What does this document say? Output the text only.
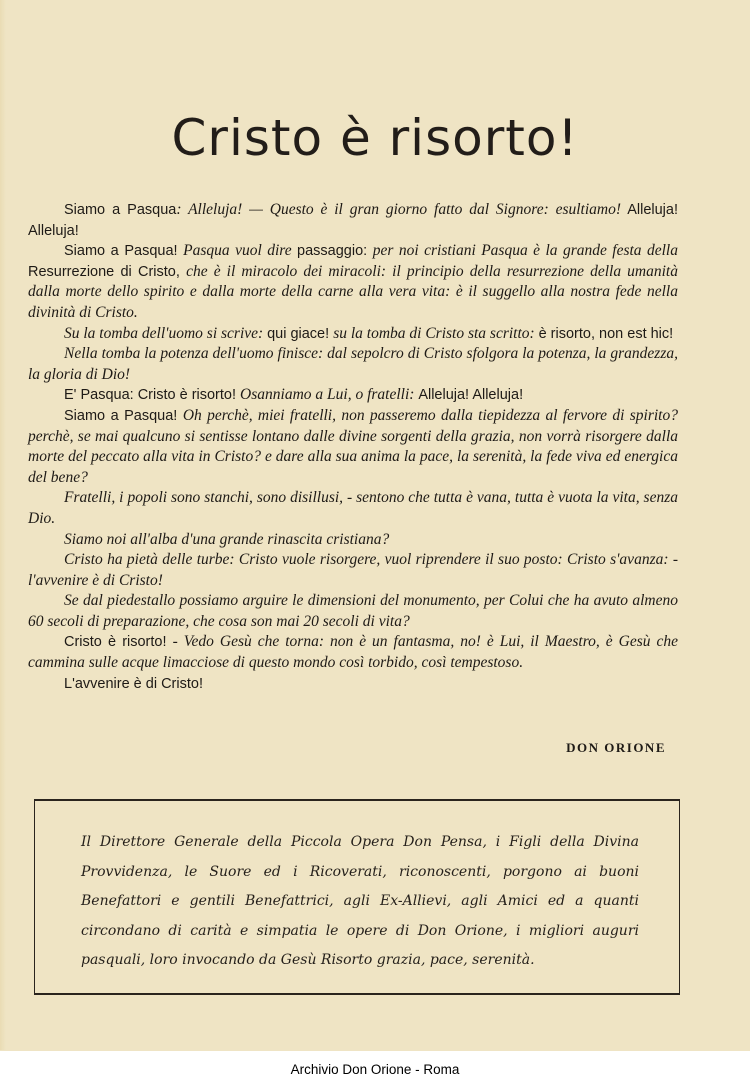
Cristo è risorto!

Siamo a Pasqua: Alleluja! — Questo è il gran giorno fatto dal Signore: esultiamo! Alleluja! Alleluja!

Siamo a Pasqua! Pasqua vuol dire passaggio: per noi cristiani Pasqua è la grande festa della Resurrezione di Cristo, che è il miracolo dei miracoli: il principio della resurrezione della umanità dalla morte dello spirito e dalla morte della carne alla vera vita: è il suggello alla nostra fede nella divinità di Cristo.

Su la tomba dell'uomo si scrive: qui giace! su la tomba di Cristo sta scritto: è risorto, non est hic!

Nella tomba la potenza dell'uomo finisce: dal sepolcro di Cristo sfolgora la potenza, la grandezza, la gloria di Dio!

E' Pasqua: Cristo è risorto! Osanniamo a Lui, o fratelli: Alleluja! Alleluja!

Siamo a Pasqua! Oh perchè, miei fratelli, non passeremo dalla tiepidezza al fervore di spirito? perchè, se mai qualcuno si sentisse lontano dalle divine sorgenti della grazia, non vorrà risorgere dalla morte del peccato alla vita in Cristo? e dare alla sua anima la pace, la serenità, la fede viva ed energica del bene?

Fratelli, i popoli sono stanchi, sono disillusi, - sentono che tutta è vana, tutta è vuota la vita, senza Dio.

Siamo noi all'alba d'una grande rinascita cristiana?

Cristo ha pietà delle turbe: Cristo vuole risorgere, vuol riprendere il suo posto: Cristo s'avanza: - l'avvenire è di Cristo!

Se dal piedestallo possiamo arguire le dimensioni del monumento, per Colui che ha avuto almeno 60 secoli di preparazione, che cosa son mai 20 secoli di vita?

Cristo è risorto! - Vedo Gesù che torna: non è un fantasma, no! è Lui, il Maestro, è Gesù che cammina sulle acque limacciose di questo mondo così torbido, così tempestoso.

L'avvenire è di Cristo!

DON ORIONE

Il Direttore Generale della Piccola Opera Don Pensa, i Figli della Divina Provvidenza, le Suore ed i Ricoverati, riconoscenti, porgono ai buoni Benefattori e gentili Benefattrici, agli Ex-Allievi, agli Amici ed a quanti circondano di carità e simpatia le opere di Don Orione, i migliori auguri pasquali, loro invocando da Gesù Risorto grazia, pace, serenità.

Archivio Don Orione - Roma
